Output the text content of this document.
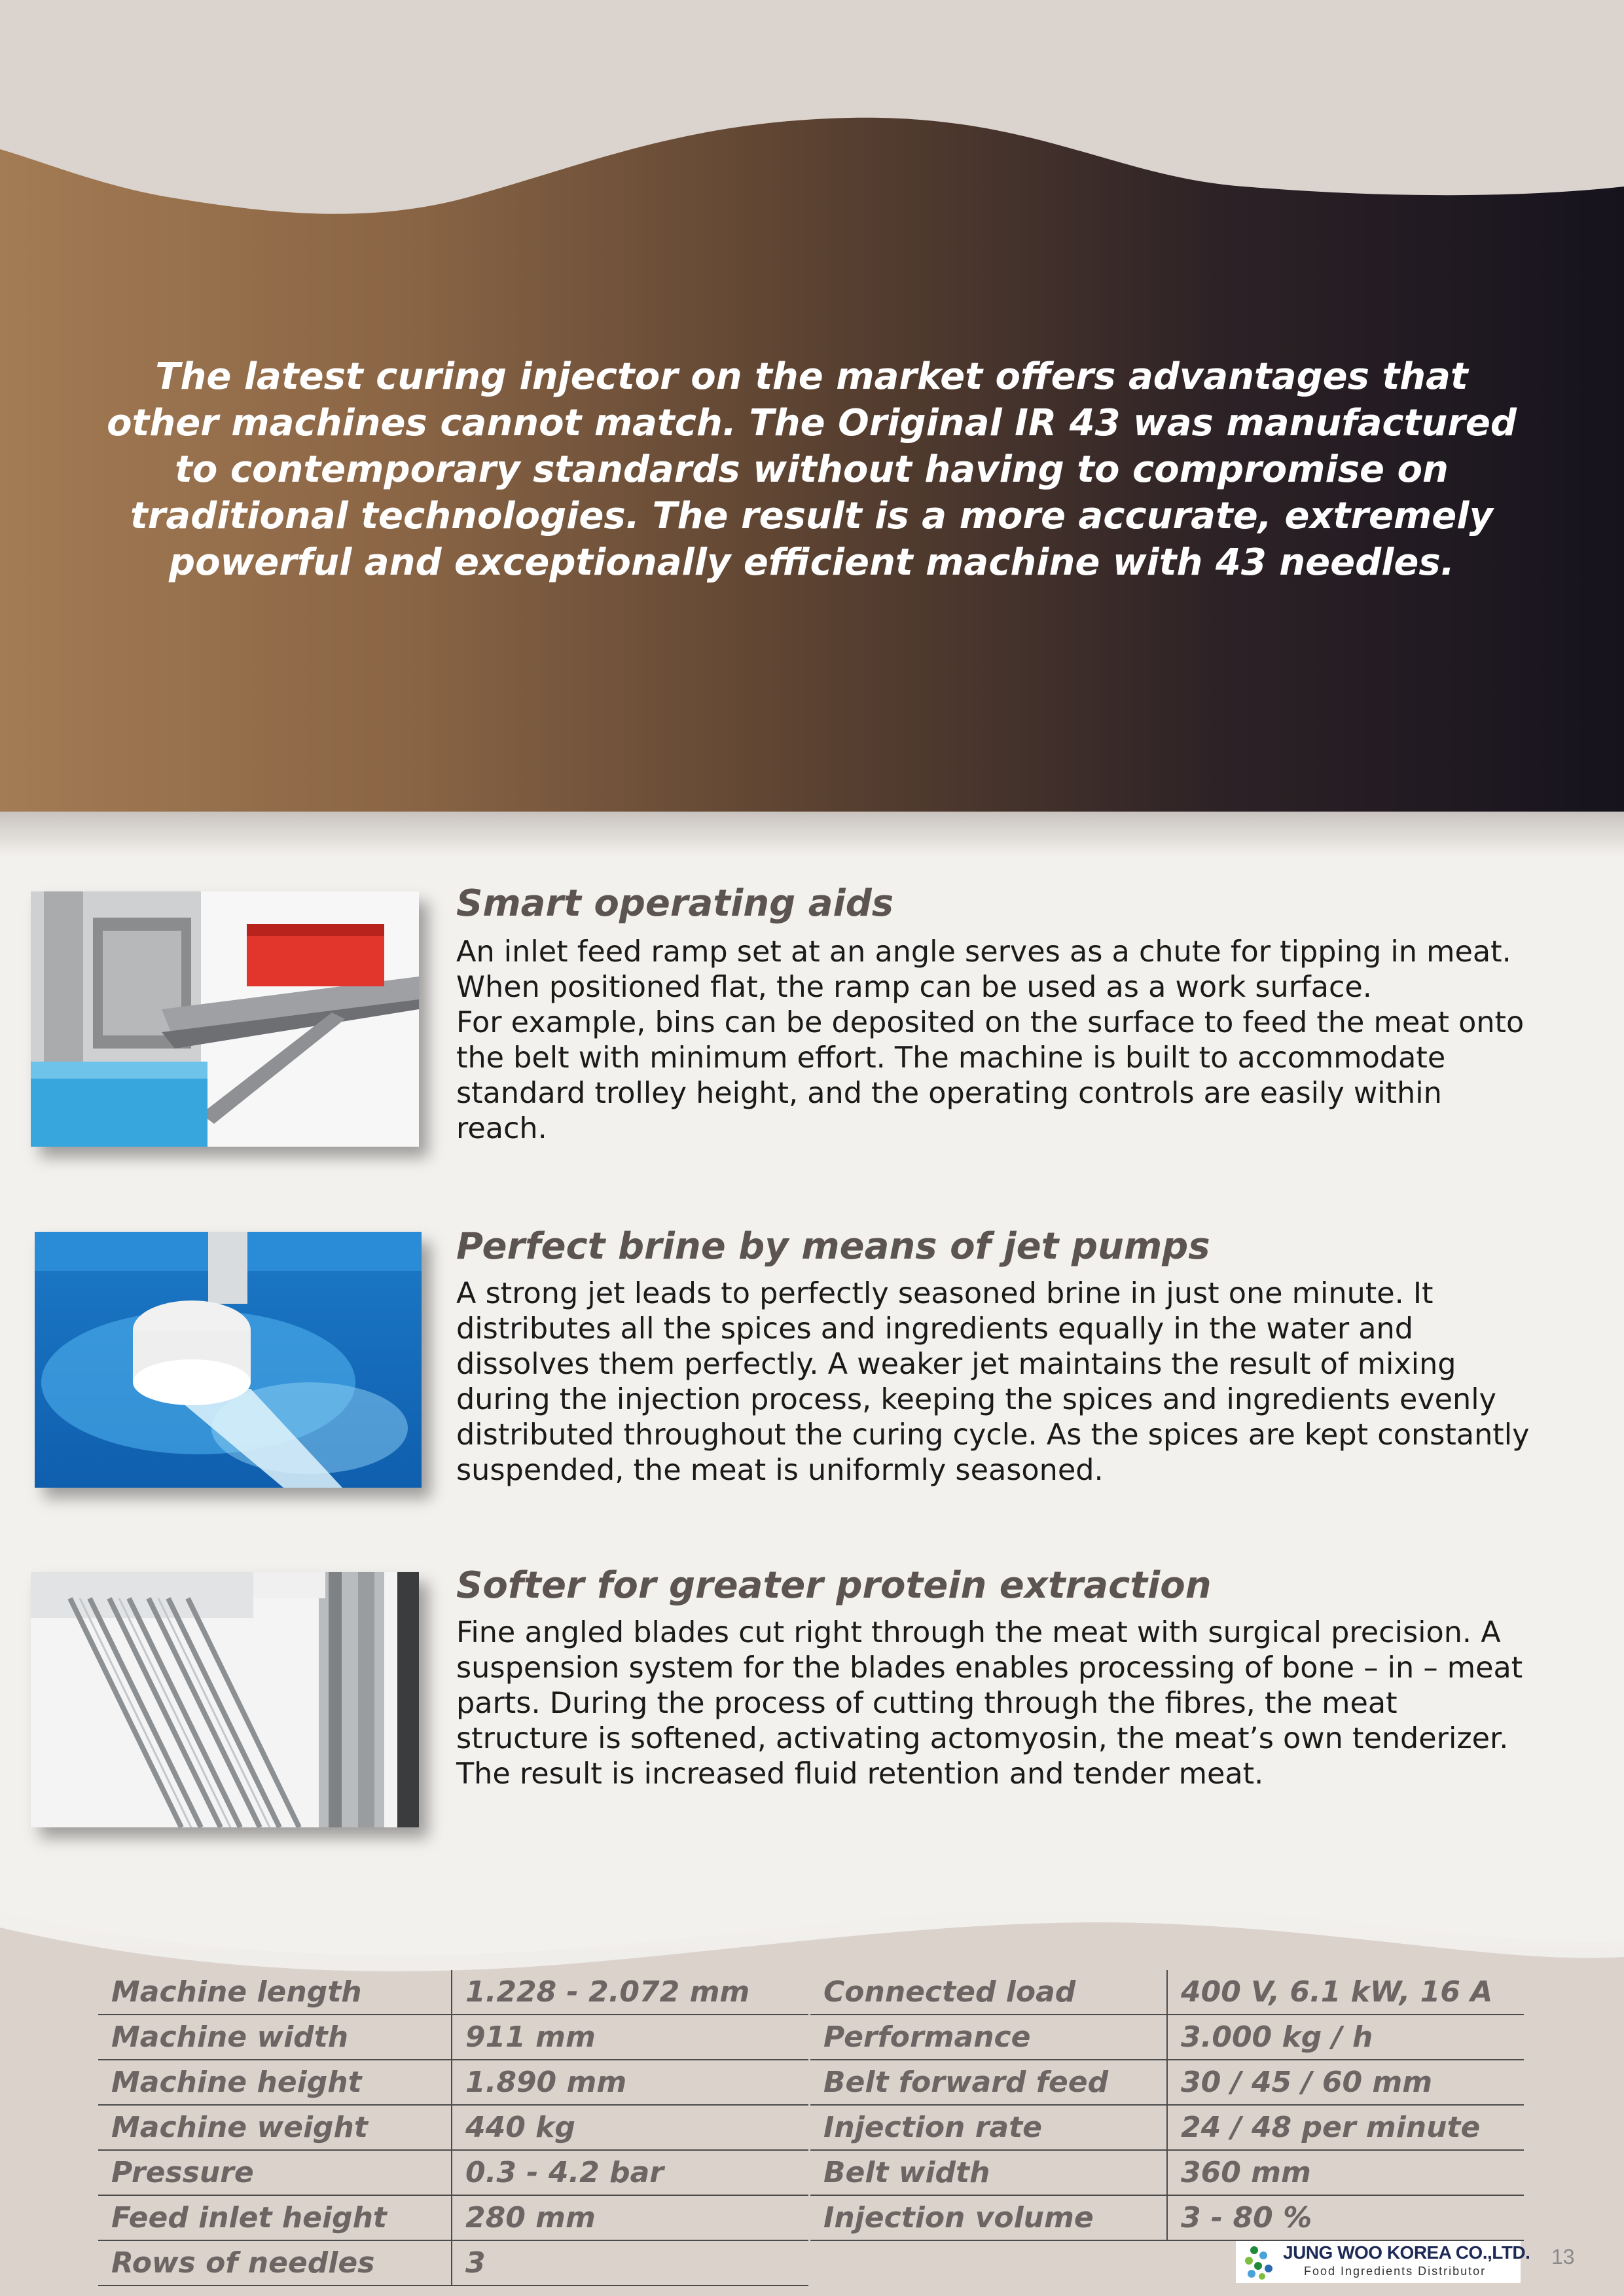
The latest curing injector on the market offers advantages that other machines cannot match. The Original IR 43 was manufactured to contemporary standards without having to compromise on traditional technologies. The result is a more accurate, extremely powerful and exceptionally efficient machine with 43 needles.

Smart operating aids

An inlet feed ramp set at an angle serves as a chute for tipping in meat. When positioned flat, the ramp can be used as a work surface.
For example, bins can be deposited on the surface to feed the meat onto the belt with minimum effort. The machine is built to accommodate standard trolley height, and the operating controls are easily within reach.

Perfect brine by means of jet pumps

A strong jet leads to perfectly seasoned brine in just one minute. It distributes all the spices and ingredients equally in the water and dissolves them perfectly. A weaker jet maintains the result of mixing during the injection process, keeping the spices and ingredients evenly distributed throughout the curing cycle. As the spices are kept constantly suspended, the meat is uniformly seasoned.

Softer for greater protein extraction

Fine angled blades cut right through the meat with surgical precision. A suspension system for the blades enables processing of bone – in – meat parts. During the process of cutting through the fibres, the meat structure is softened, activating actomyosin, the meat’s own tenderizer. The result is increased fluid retention and tender meat.

Machine length	1.228 - 2.072 mm
Machine width	911 mm
Machine height	1.890 mm
Machine weight	440 kg
Pressure	0.3 - 4.2 bar
Feed inlet height	280 mm
Rows of needles	3
Connected load	400 V, 6.1 kW, 16 A
Performance	3.000 kg / h
Belt forward feed	30 / 45 / 60 mm
Injection rate	24 / 48 per minute
Belt width	360 mm
Injection volume	3 - 80 %
JUNG WOO KOREA CO.,LTD.
Food Ingredients Distributor
13
